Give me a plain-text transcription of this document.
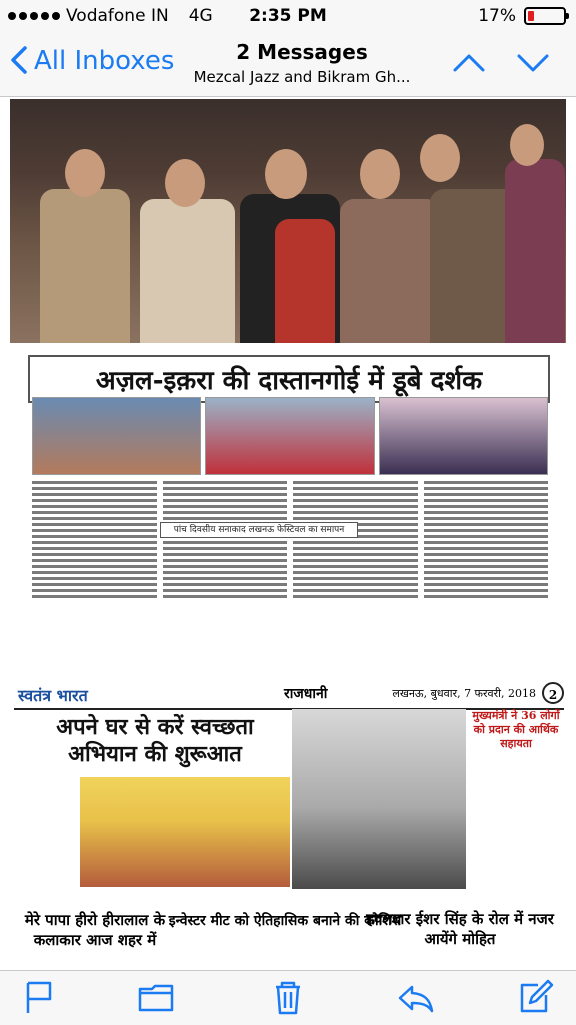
Vodafone IN 4G	2:35 PM	17%
All Inboxes	2 Messages
Mezcal Jazz and Bikram Gh...
अज़ल-इक़रा की दास्तानगोई में डूबे दर्शक
पांच दिवसीय सनाकाद लखनऊ फेस्टिवल का समापन
स्वतंत्र भारत	राजधानी	लखनऊ, बुधवार, 7 फरवरी, 2018	2
अपने घर से करें स्वच्छता अभियान की शुरूआत
मुख्यमंत्री ने 36 लोगों को प्रदान की आर्थिक सहायता
मेरे पापा हीरो हीरालाल के कलाकार आज शहर में
इन्वेस्टर मीट को ऐतिहासिक बनाने की कोशिश
हवलदार ईशर सिंह के रोल में नजर आयेंगे मोहित
